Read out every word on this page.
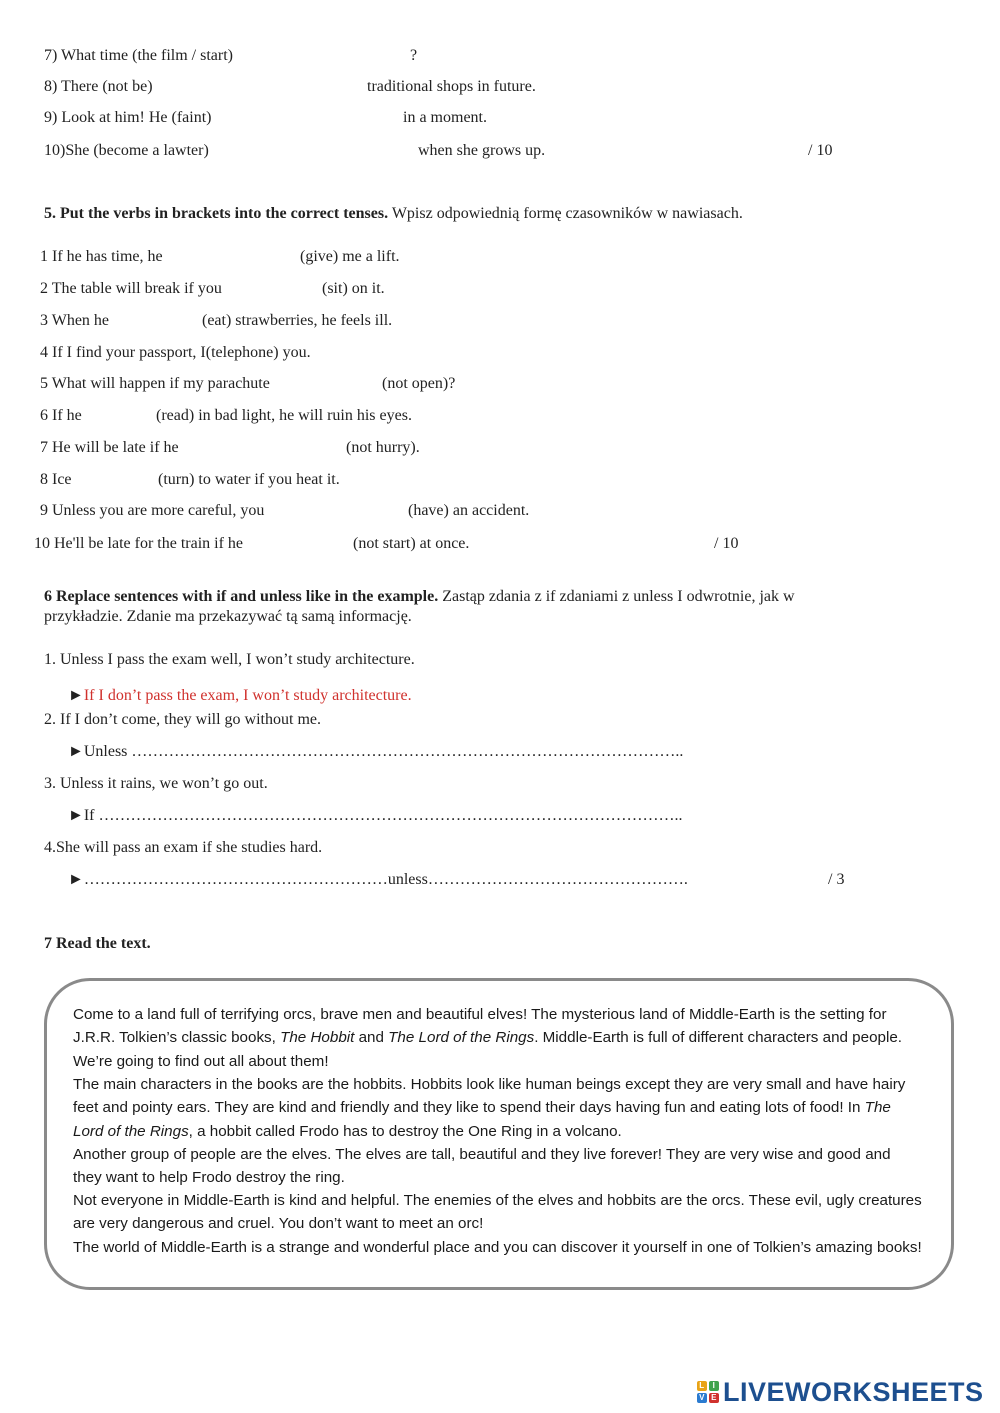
7) What time (the film / start)	?
8) There (not be)	traditional shops in future.
9) Look at him! He (faint)	in a moment.
10)She (become a lawter)	when she grows up.	/ 10
5. Put the verbs in brackets into the correct tenses. Wpisz odpowiednią formę czasowników w nawiasach.
1 If he has time, he	(give) me a lift.
2 The table will break if you	(sit) on it.
3 When he	(eat) strawberries, he feels ill.
4 If I find your passport, I(telephone) you.
5 What will happen if my parachute	(not open)?
6 If he	(read) in bad light, he will ruin his eyes.
7 He will be late if he	(not hurry).
8 Ice	(turn) to water if you heat it.
9 Unless you are more careful, you	(have) an accident.
10 He'll be late for the train if he	(not start) at once.	/ 10
6 Replace sentences with if and unless like in the example. Zastąp zdania z if zdaniami z unless I odwrotnie, jak w
przykładzie. Zdanie ma przekazywać tą samą informację.
1. Unless I pass the exam well, I won’t study architecture.
►If I don’t pass the exam, I won’t study architecture.
2. If I don’t come, they will go without me.
►Unless …………………………………………………………………………………………..
3. Unless it rains, we won’t go out.
►If ………………………………………………………………………………………………..
4.She will pass an exam if she studies hard.
►…………………………………………………unless………………………………………….	/ 3
7 Read the text.

Come to a land full of terrifying orcs, brave men and beautiful elves! The mysterious land of Middle-Earth is the setting for J.R.R. Tolkien’s classic books, The Hobbit and The Lord of the Rings. Middle-Earth is full of different characters and people. We’re going to find out all about them!

The main characters in the books are the hobbits. Hobbits look like human beings except they are very small and have hairy feet and pointy ears. They are kind and friendly and they like to spend their days having fun and eating lots of food! In The Lord of the Rings, a hobbit called Frodo has to destroy the One Ring in a volcano.

Another group of people are the elves. The elves are tall, beautiful and they live forever! They are very wise and good and they want to help Frodo destroy the ring.

Not everyone in Middle-Earth is kind and helpful. The enemies of the elves and hobbits are the orcs. These evil, ugly creatures are very dangerous and cruel. You don’t want to meet an orc!

The world of Middle-Earth is a strange and wonderful place and you can discover it yourself in one of Tolkien’s amazing books!

L I
V E LIVEWORKSHEETS
